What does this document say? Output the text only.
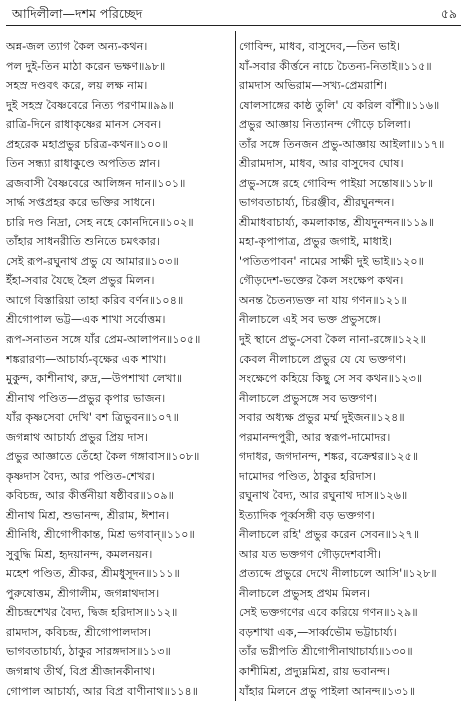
আদিলীলা—দশম পরিচ্ছেদ	৫৯
অন্ন-জল ত্যাগ কৈল অন্য-কথন।
পল দুই-তিন মাঠা করেন ভক্ষণ॥৯৮॥
সহস্র দণ্ডবৎ করে, লয় লক্ষ নাম।
দুই সহস্র বৈষ্ণবেরে নিত্য পরণাম॥৯৯॥
রাত্রি-দিনে রাধাকৃষ্ণের মানস সেবন।
প্রহরেক মহাপ্রভুর চরিত্র-কথন॥১০০॥
তিন সন্ধ্যা রাধাকুণ্ডে অপতিত স্নান।
ব্রজবাসী বৈষ্ণবেরে আলিঙ্গন দান॥১০১॥
সার্দ্ধ সপ্তপ্রহর করে ভক্তির সাধনে।
চারি দণ্ড নিদ্রা, সেহ নহে কোনদিনে॥১০২॥
তাঁহার সাধনরীতি শুনিতে চমৎকার।
সেই রূপ-রঘুনাথ প্রভু যে আমার॥১০৩॥
ইঁহা-সবার যৈছে হৈল প্রভুর মিলন।
আগে বিস্তারিয়া তাহা করিব বর্ণন॥১০৪॥
শ্রীগোপাল ভট্ট—এক শাখা সর্বোত্তম।
রূপ-সনাতন সঙ্গে যাঁর প্রেম-আলাপন॥১০৫॥
শঙ্করারণ্য—আচার্য্য-বৃক্ষের এক শাখা।
মুকুন্দ, কাশীনাথ, রুদ্র,—উপশাখা লেখা॥
শ্রীনাথ পণ্ডিত—প্রভুর কৃপার ভাজন।
যাঁর কৃষ্ণসেবা দেখি' বশ ত্রিভুবন॥১০৭॥
জগন্নাথ আচার্য্য প্রভুর প্রিয় দাস।
প্রভুর আজ্ঞাতে তেঁহো কৈল গঙ্গাবাস॥১০৮॥
কৃষ্ণদাস বৈদ্য, আর পণ্ডিত-শেখর।
কবিচন্দ্র, আর কীর্ত্তনীয়া ষষ্ঠীবর॥১০৯॥
শ্রীনাথ মিশ্র, শুভানন্দ, শ্রীরাম, ঈশান।
শ্রীনিধি, শ্রীগোপীকান্ত, মিশ্র ভগবান্‌॥১১০॥
সুবুদ্ধি মিশ্র, হৃদয়ানন্দ, কমলনয়ন।
মহেশ পণ্ডিত, শ্রীকর, শ্রীমধুসূদন॥১১১॥
পুরুষোত্তম, শ্রীগালীম, জগন্নাথদাস।
শ্রীচন্দ্রশেখর বৈদ্য, দ্বিজ হরিদাস॥১১২॥
রামদাস, কবিচন্দ্র, শ্রীগোপালদাস।
ভাগবতাচার্য্য, ঠাকুর সারঙ্গদাস॥১১৩॥
জগন্নাথ তীর্থ, বিপ্র শ্রীজানকীনাথ।
গোপাল আচার্য্য, আর বিপ্র বাণীনাথ॥১১৪॥
গোবিন্দ, মাধব, বাসুদেব,—তিন ভাই।
যাঁ-সবার কীর্ত্তনে নাচে চৈতন্য-নিতাই॥১১৫॥
রামদাস অভিরাম—সখ্য-প্রেমরাশি।
ষোলসাঙ্গের কাষ্ঠ তুলি' যে করিল বাঁশী॥১১৬॥
প্রভুর আজ্ঞায় নিত্যানন্দ গৌড়ে চলিলা।
তাঁর সঙ্গে তিনজন প্রভু-আজ্ঞায় আইলা॥১১৭॥
শ্রীরামদাস, মাধব, আর বাসুদেব ঘোষ।
প্রভু-সঙ্গে রহে গোবিন্দ পাইয়া সন্তোষ॥১১৮॥
ভাগবতাচার্য্য, চিরঞ্জীব, শ্রীরঘুনন্দন।
শ্রীমাধবাচার্য্য, কমলাকান্ত, শ্রীযদুনন্দন॥১১৯॥
মহা-কৃপাপাত্র, প্রভুর জগাই, মাধাই।
'পতিতপাবন' নামের সাক্ষী দুই ভাই॥১২০॥
গৌড়দেশ-ভক্তের কৈল সংক্ষেপ কথন।
অনন্ত চৈতন্যভক্ত না যায় গণন॥১২১॥
নীলাচলে এই সব ভক্ত প্রভুসঙ্গে।
দুই স্থানে প্রভু-সেবা কৈল নানা-রঙ্গে॥১২২॥
কেবল নীলাচলে প্রভুর যে যে ভক্তগণ।
সংক্ষেপে কহিয়ে কিছু সে সব কথন॥১২৩॥
নীলাচলে প্রভুসঙ্গে সব ভক্তগণ।
সবার অধ্যক্ষ প্রভুর মর্ম্ম দুইজন॥১২৪॥
পরমানন্দপুরী, আর স্বরূপ-দামোদর।
গদাধর, জগদানন্দ, শঙ্কর, বক্রেশ্বর॥১২৫॥
দামোদর পণ্ডিত, ঠাকুর হরিদাস।
রঘুনাথ বৈদ্য, আর রঘুনাথ দাস॥১২৬॥
ইত্যাদিক পূর্ব্বসঙ্গী বড় ভক্তগণ।
নীলাচলে রহি' প্রভুর করেন সেবন॥১২৭॥
আর যত ভক্তগণ গৌড়দেশবাসী।
প্রত্যব্দে প্রভুরে দেখে নীলাচলে আসি'॥১২৮॥
নীলাচলে প্রভুসহ প্রথম মিলন।
সেই ভক্তগণের এবে করিয়ে গণন॥১২৯॥
বড়শাখা এক,—সার্ব্বভৌম ভট্টাচার্য্য।
তাঁর ভগ্নীপতি শ্রীগোপীনাথাচার্য্য॥১৩০॥
কাশীমিশ্র, প্রদ্যুম্নমিশ্র, রায় ভবানন্দ।
যাঁহার মিলনে প্রভু পাইলা আনন্দ॥১৩১॥
